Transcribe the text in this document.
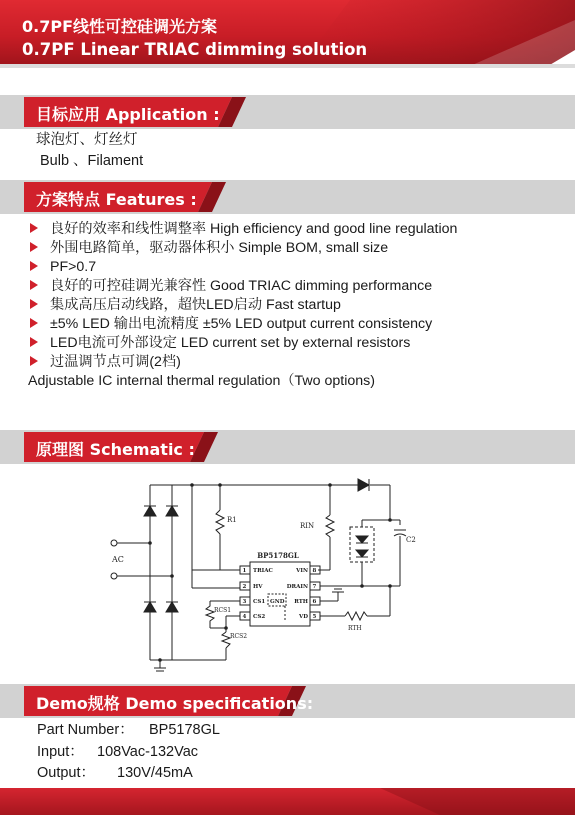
0.7PF线性可控硅调光方案
0.7PF Linear TRIAC dimming solution
目标应用 Application :
球泡灯、灯丝灯
Bulb 、Filament
方案特点 Features :
良好的效率和线性调整率 High efficiency and good line regulation
外围电路简单，驱动器体积小 Simple BOM, small size
PF>0.7
良好的可控硅调光兼容性 Good TRIAC dimming performance
集成高压启动线路，超快LED启动 Fast startup
±5% LED 输出电流精度 ±5% LED output current consistency
LED电流可外部设定 LED current set by external resistors
过温调节点可调(2档)
Adjustable IC internal thermal regulation（Two options)
原理图 Schematic :
BP5178GL
AC
R1
RIN
RCS1
RCS2
RTH
C2
GND
1 TRIAC
2 HV
3 CS1
4 CS2
8
VIN
7
DRAIN
6
RTH
5
VD
Demo规格 Demo specifications:
Part Number： BP5178GL
Input： 108Vac-132Vac
Output： 130V/45mA
